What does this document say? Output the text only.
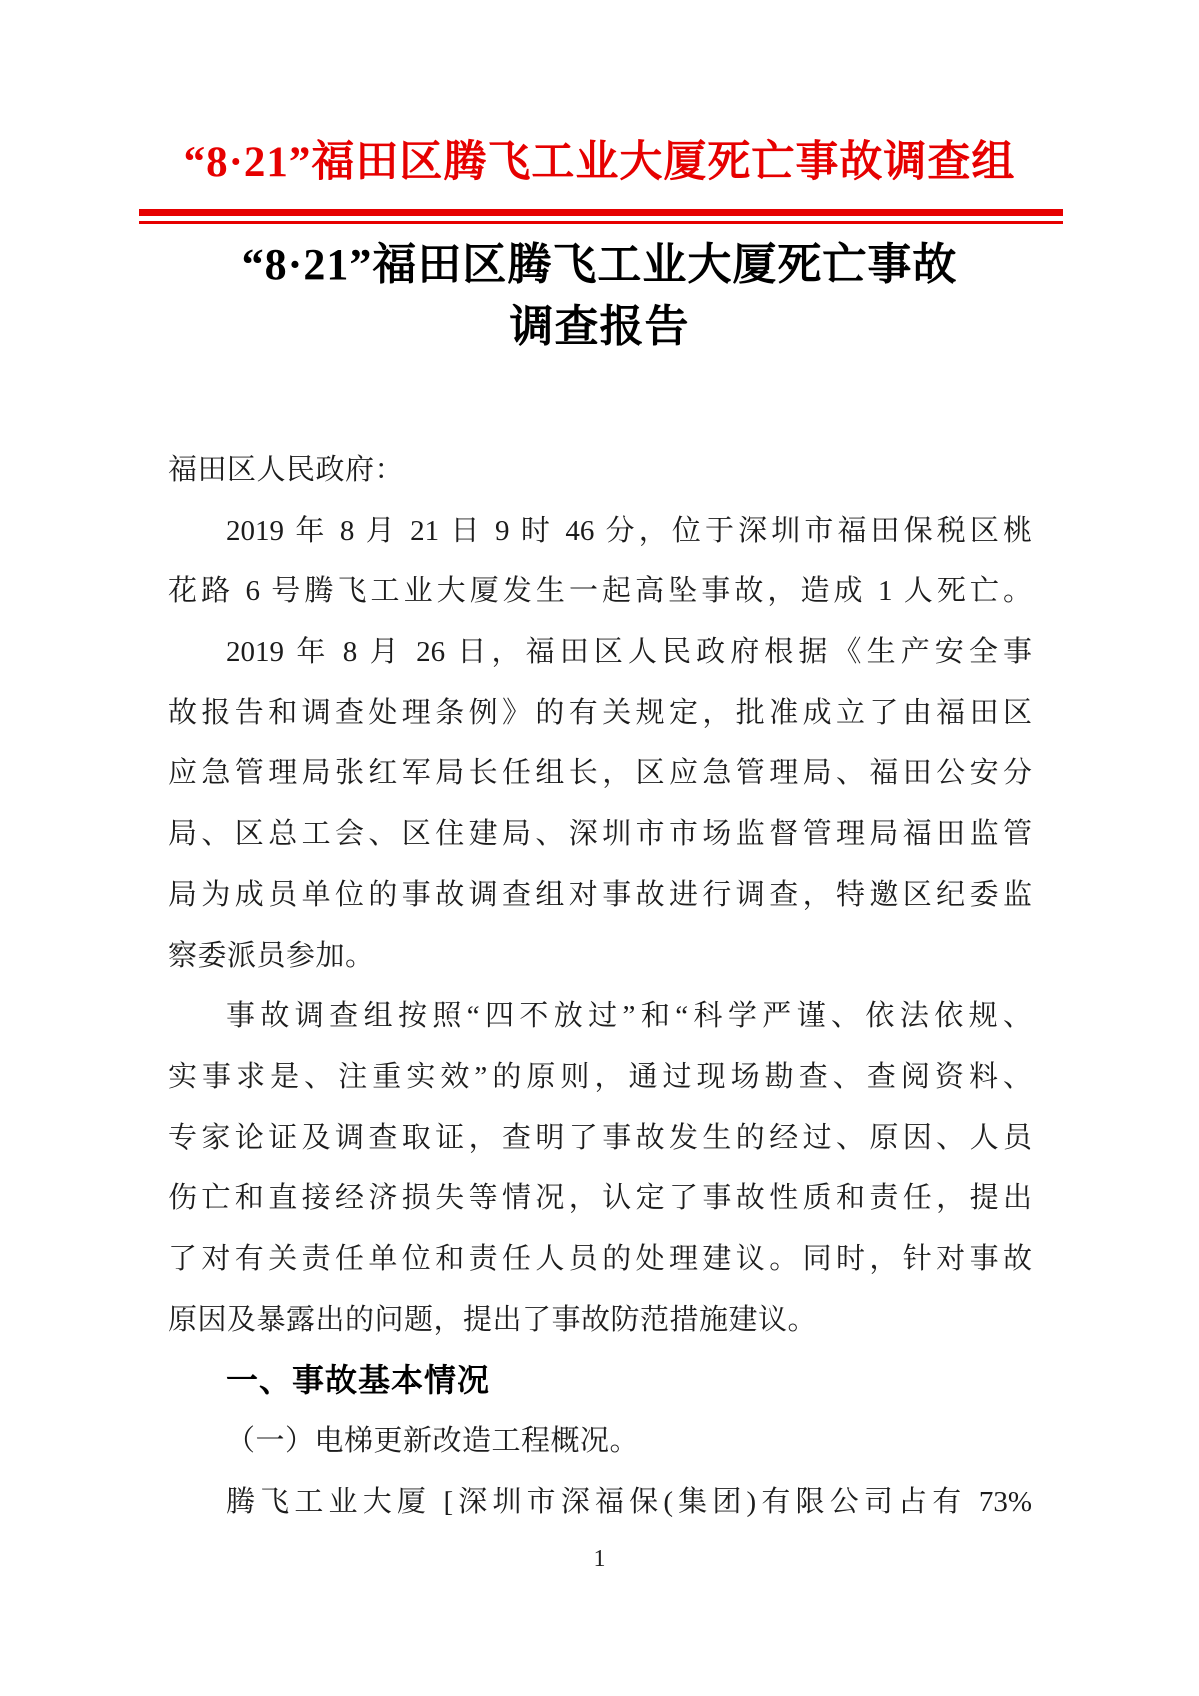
“8·21”福田区腾飞工业大厦死亡事故调查组
“8·21”福田区腾飞工业大厦死亡事故
调查报告
福田区人民政府：
2019 年 8 月 21 日 9 时 46 分，位于深圳市福田保税区桃
花路 6 号腾飞工业大厦发生一起高坠事故，造成 1 人死亡。
2019 年 8 月 26 日，福田区人民政府根据《生产安全事
故报告和调查处理条例》的有关规定，批准成立了由福田区
应急管理局张红军局长任组长，区应急管理局、福田公安分
局、区总工会、区住建局、深圳市市场监督管理局福田监管
局为成员单位的事故调查组对事故进行调查，特邀区纪委监
察委派员参加。
事故调查组按照“四不放过”和“科学严谨、依法依规、
实事求是、注重实效”的原则，通过现场勘查、查阅资料、
专家论证及调查取证，查明了事故发生的经过、原因、人员
伤亡和直接经济损失等情况，认定了事故性质和责任，提出
了对有关责任单位和责任人员的处理建议。同时，针对事故
原因及暴露出的问题，提出了事故防范措施建议。
一、事故基本情况
（一）电梯更新改造工程概况。
腾飞工业大厦 [深圳市深福保(集团)有限公司占有 73%
1
